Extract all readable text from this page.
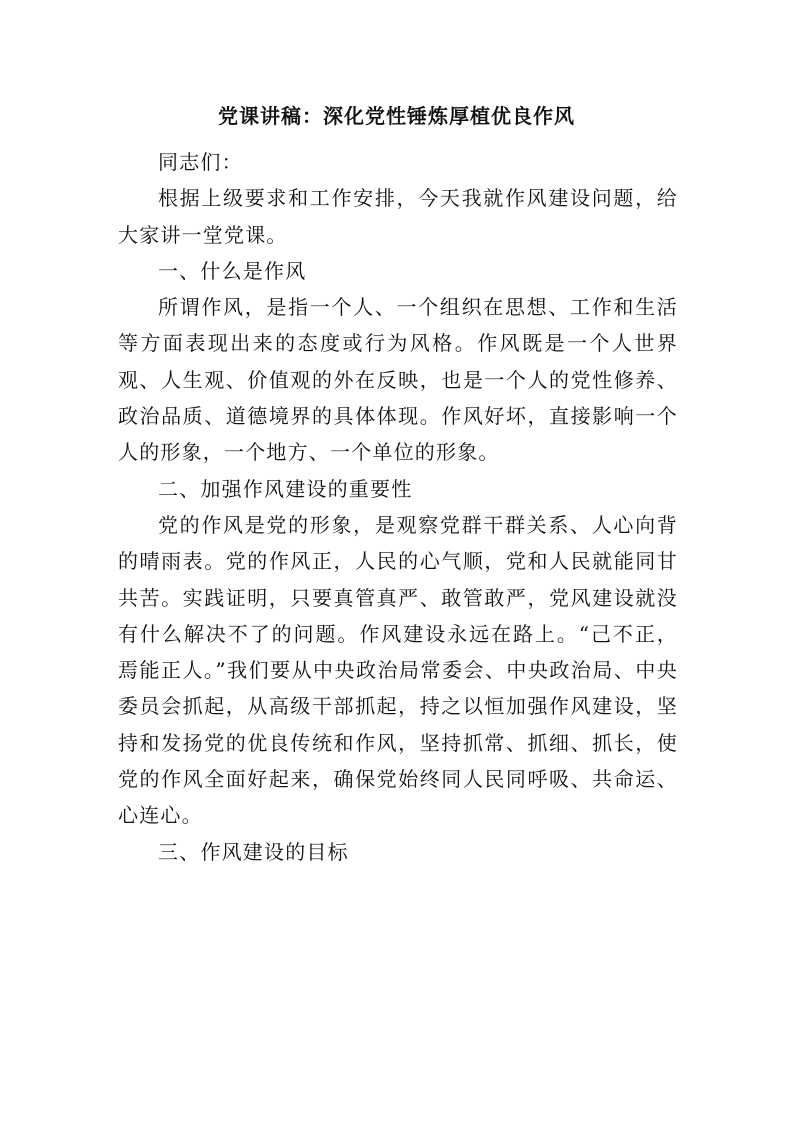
党课讲稿：深化党性锤炼厚植优良作风

同志们：

根据上级要求和工作安排，今天我就作风建设问题，给大家讲一堂党课。

一、什么是作风

所谓作风，是指一个人、一个组织在思想、工作和生活等方面表现出来的态度或行为风格。作风既是一个人世界观、人生观、价值观的外在反映，也是一个人的党性修养、政治品质、道德境界的具体体现。作风好坏，直接影响一个人的形象，一个地方、一个单位的形象。

二、加强作风建设的重要性

党的作风是党的形象，是观察党群干群关系、人心向背的晴雨表。党的作风正，人民的心气顺，党和人民就能同甘共苦。实践证明，只要真管真严、敢管敢严，党风建设就没有什么解决不了的问题。作风建设永远在路上。“己不正，焉能正人。”我们要从中央政治局常委会、中央政治局、中央委员会抓起，从高级干部抓起，持之以恒加强作风建设，坚持和发扬党的优良传统和作风，坚持抓常、抓细、抓长，使党的作风全面好起来，确保党始终同人民同呼吸、共命运、心连心。

三、作风建设的目标
